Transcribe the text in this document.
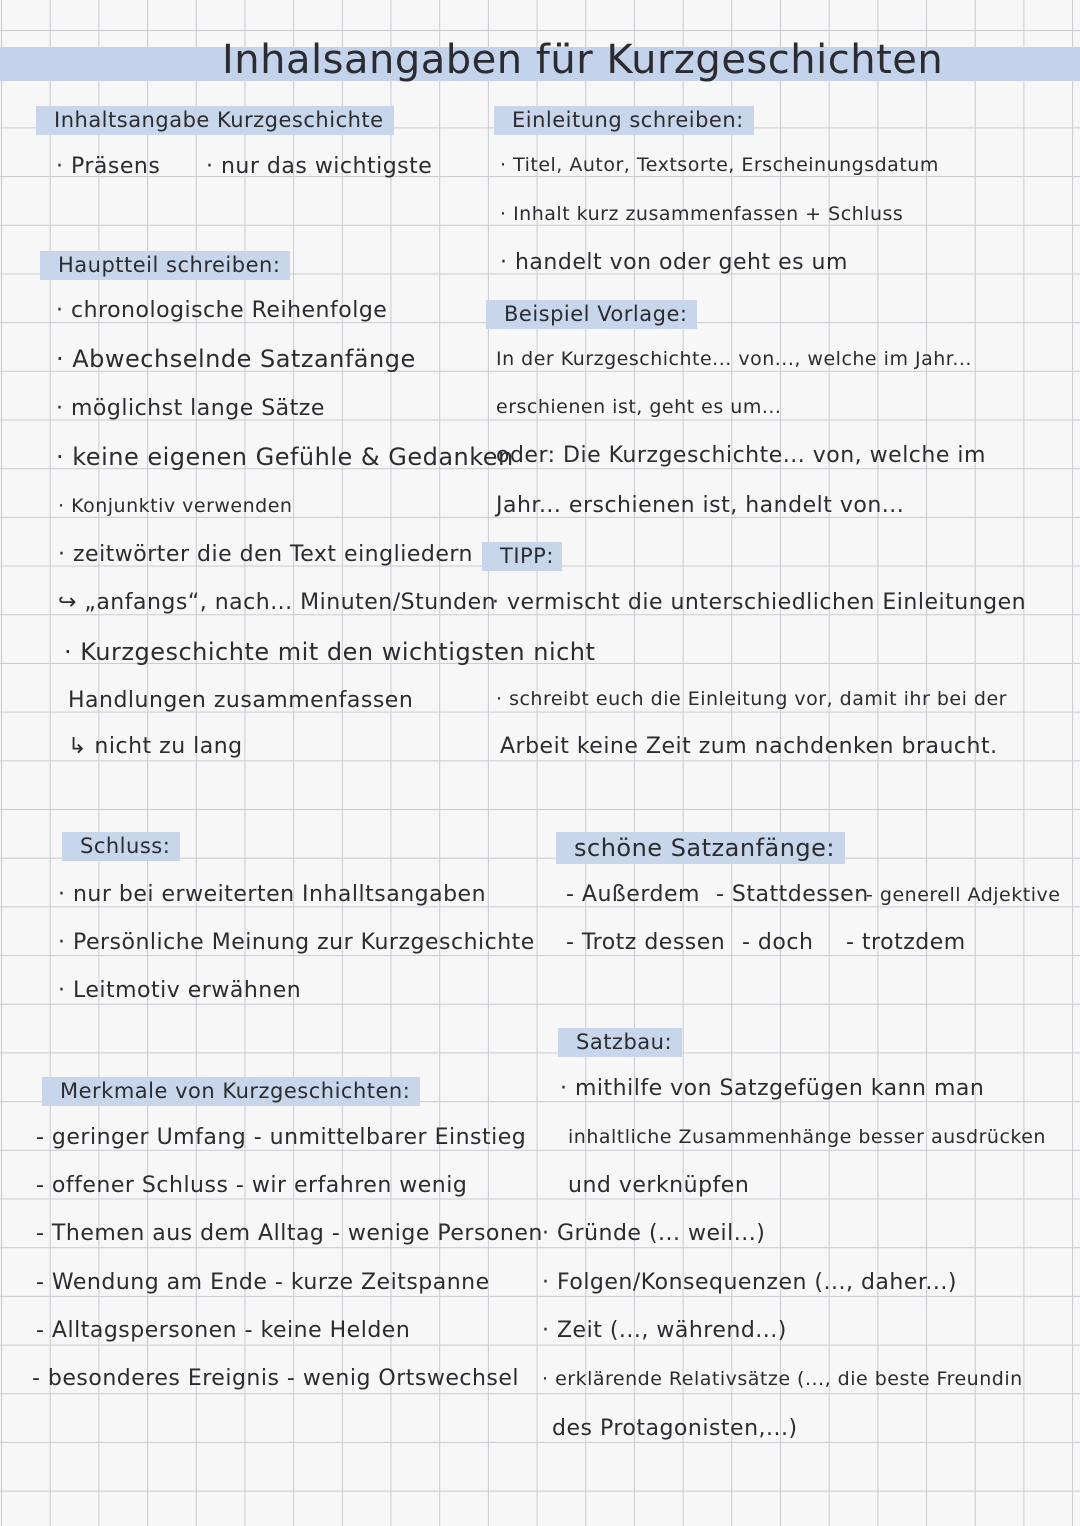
Inhalsangaben für Kurzgeschichten
Inhaltsangabe Kurzgeschichte
· Präsens · nur das wichtigste
Hauptteil schreiben:
· chronologische Reihenfolge
· Abwechselnde Satzanfänge
· möglichst lange Sätze
· keine eigenen Gefühle & Gedanken
· Konjunktiv verwenden
· zeitwörter die den Text eingliedern
↪ „anfangs“, nach... Minuten/Stunden
· Kurzgeschichte mit den wichtigsten nicht
Handlungen zusammenfassen
↳ nicht zu lang
Schluss:
· nur bei erweiterten Inhalltsangaben
· Persönliche Meinung zur Kurzgeschichte
· Leitmotiv erwähnen
Merkmale von Kurzgeschichten:
- geringer Umfang - unmittelbarer Einstieg
- offener Schluss - wir erfahren wenig
- Themen aus dem Alltag - wenige Personen
- Wendung am Ende - kurze Zeitspanne
- Alltagspersonen - keine Helden
- besonderes Ereignis - wenig Ortswechsel
Einleitung schreiben:
· Titel, Autor, Textsorte, Erscheinungsdatum
· Inhalt kurz zusammenfassen + Schluss
· handelt von oder geht es um
Beispiel Vorlage:
In der Kurzgeschichte... von..., welche im Jahr...
erschienen ist, geht es um...
oder: Die Kurzgeschichte... von, welche im
Jahr... erschienen ist, handelt von...
TIPP:
· vermischt die unterschiedlichen Einleitungen
· schreibt euch die Einleitung vor, damit ihr bei der
Arbeit keine Zeit zum nachdenken braucht.
schöne Satzanfänge:
- Außerdem - Stattdessen
- generell Adjektive
- Trotz dessen - doch - trotzdem
Satzbau:
· mithilfe von Satzgefügen kann man
inhaltliche Zusammenhänge besser ausdrücken
und verknüpfen
· Gründe (... weil...)
· Folgen/Konsequenzen (..., daher...)
· Zeit (..., während...)
· erklärende Relativsätze (..., die beste Freundin
des Protagonisten,...)
